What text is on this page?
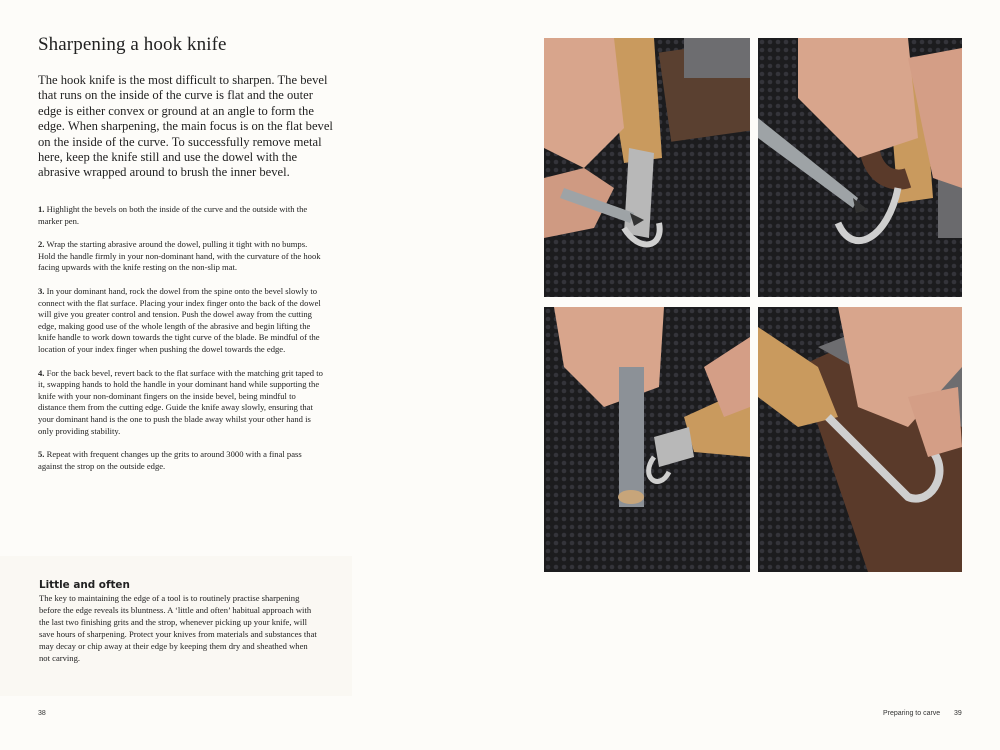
Sharpening a hook knife

The hook knife is the most difficult to sharpen. The bevel that runs on the inside of the curve is flat and the outer edge is either convex or ground at an angle to form the edge. When sharpening, the main focus is on the flat bevel on the inside of the curve. To successfully remove metal here, keep the knife still and use the dowel with the abrasive wrapped around to brush the inner bevel.

1. Highlight the bevels on both the inside of the curve and the outside with the marker pen.

2. Wrap the starting abrasive around the dowel, pulling it tight with no bumps. Hold the handle firmly in your non-dominant hand, with the curvature of the hook facing upwards with the knife resting on the non-slip mat.

3. In your dominant hand, rock the dowel from the spine onto the bevel slowly to connect with the flat surface. Placing your index finger onto the back of the dowel will give you greater control and tension. Push the dowel away from the cutting edge, making good use of the whole length of the abrasive and begin lifting the knife handle to work down towards the tight curve of the blade. Be mindful of the location of your index finger when pushing the dowel towards the edge.

4. For the back bevel, revert back to the flat surface with the matching grit taped to it, swapping hands to hold the handle in your dominant hand while supporting the knife with your non-dominant fingers on the inside bevel, being mindful to distance them from the cutting edge. Guide the knife away slowly, ensuring that your dominant hand is the one to push the blade away whilst your other hand is only providing stability.

5. Repeat with frequent changes up the grits to around 3000 with a final pass against the strop on the outside edge.

Little and often

The key to maintaining the edge of a tool is to routinely practise sharpening before the edge reveals its bluntness. A ‘little and often’ habitual approach with the last two finishing grits and the strop, whenever picking up your knife, will save hours of sharpening. Protect your knives from materials and substances that may decay or chip away at their edge by keeping them dry and sheathed when not carving.

38	Preparing to carve 39
